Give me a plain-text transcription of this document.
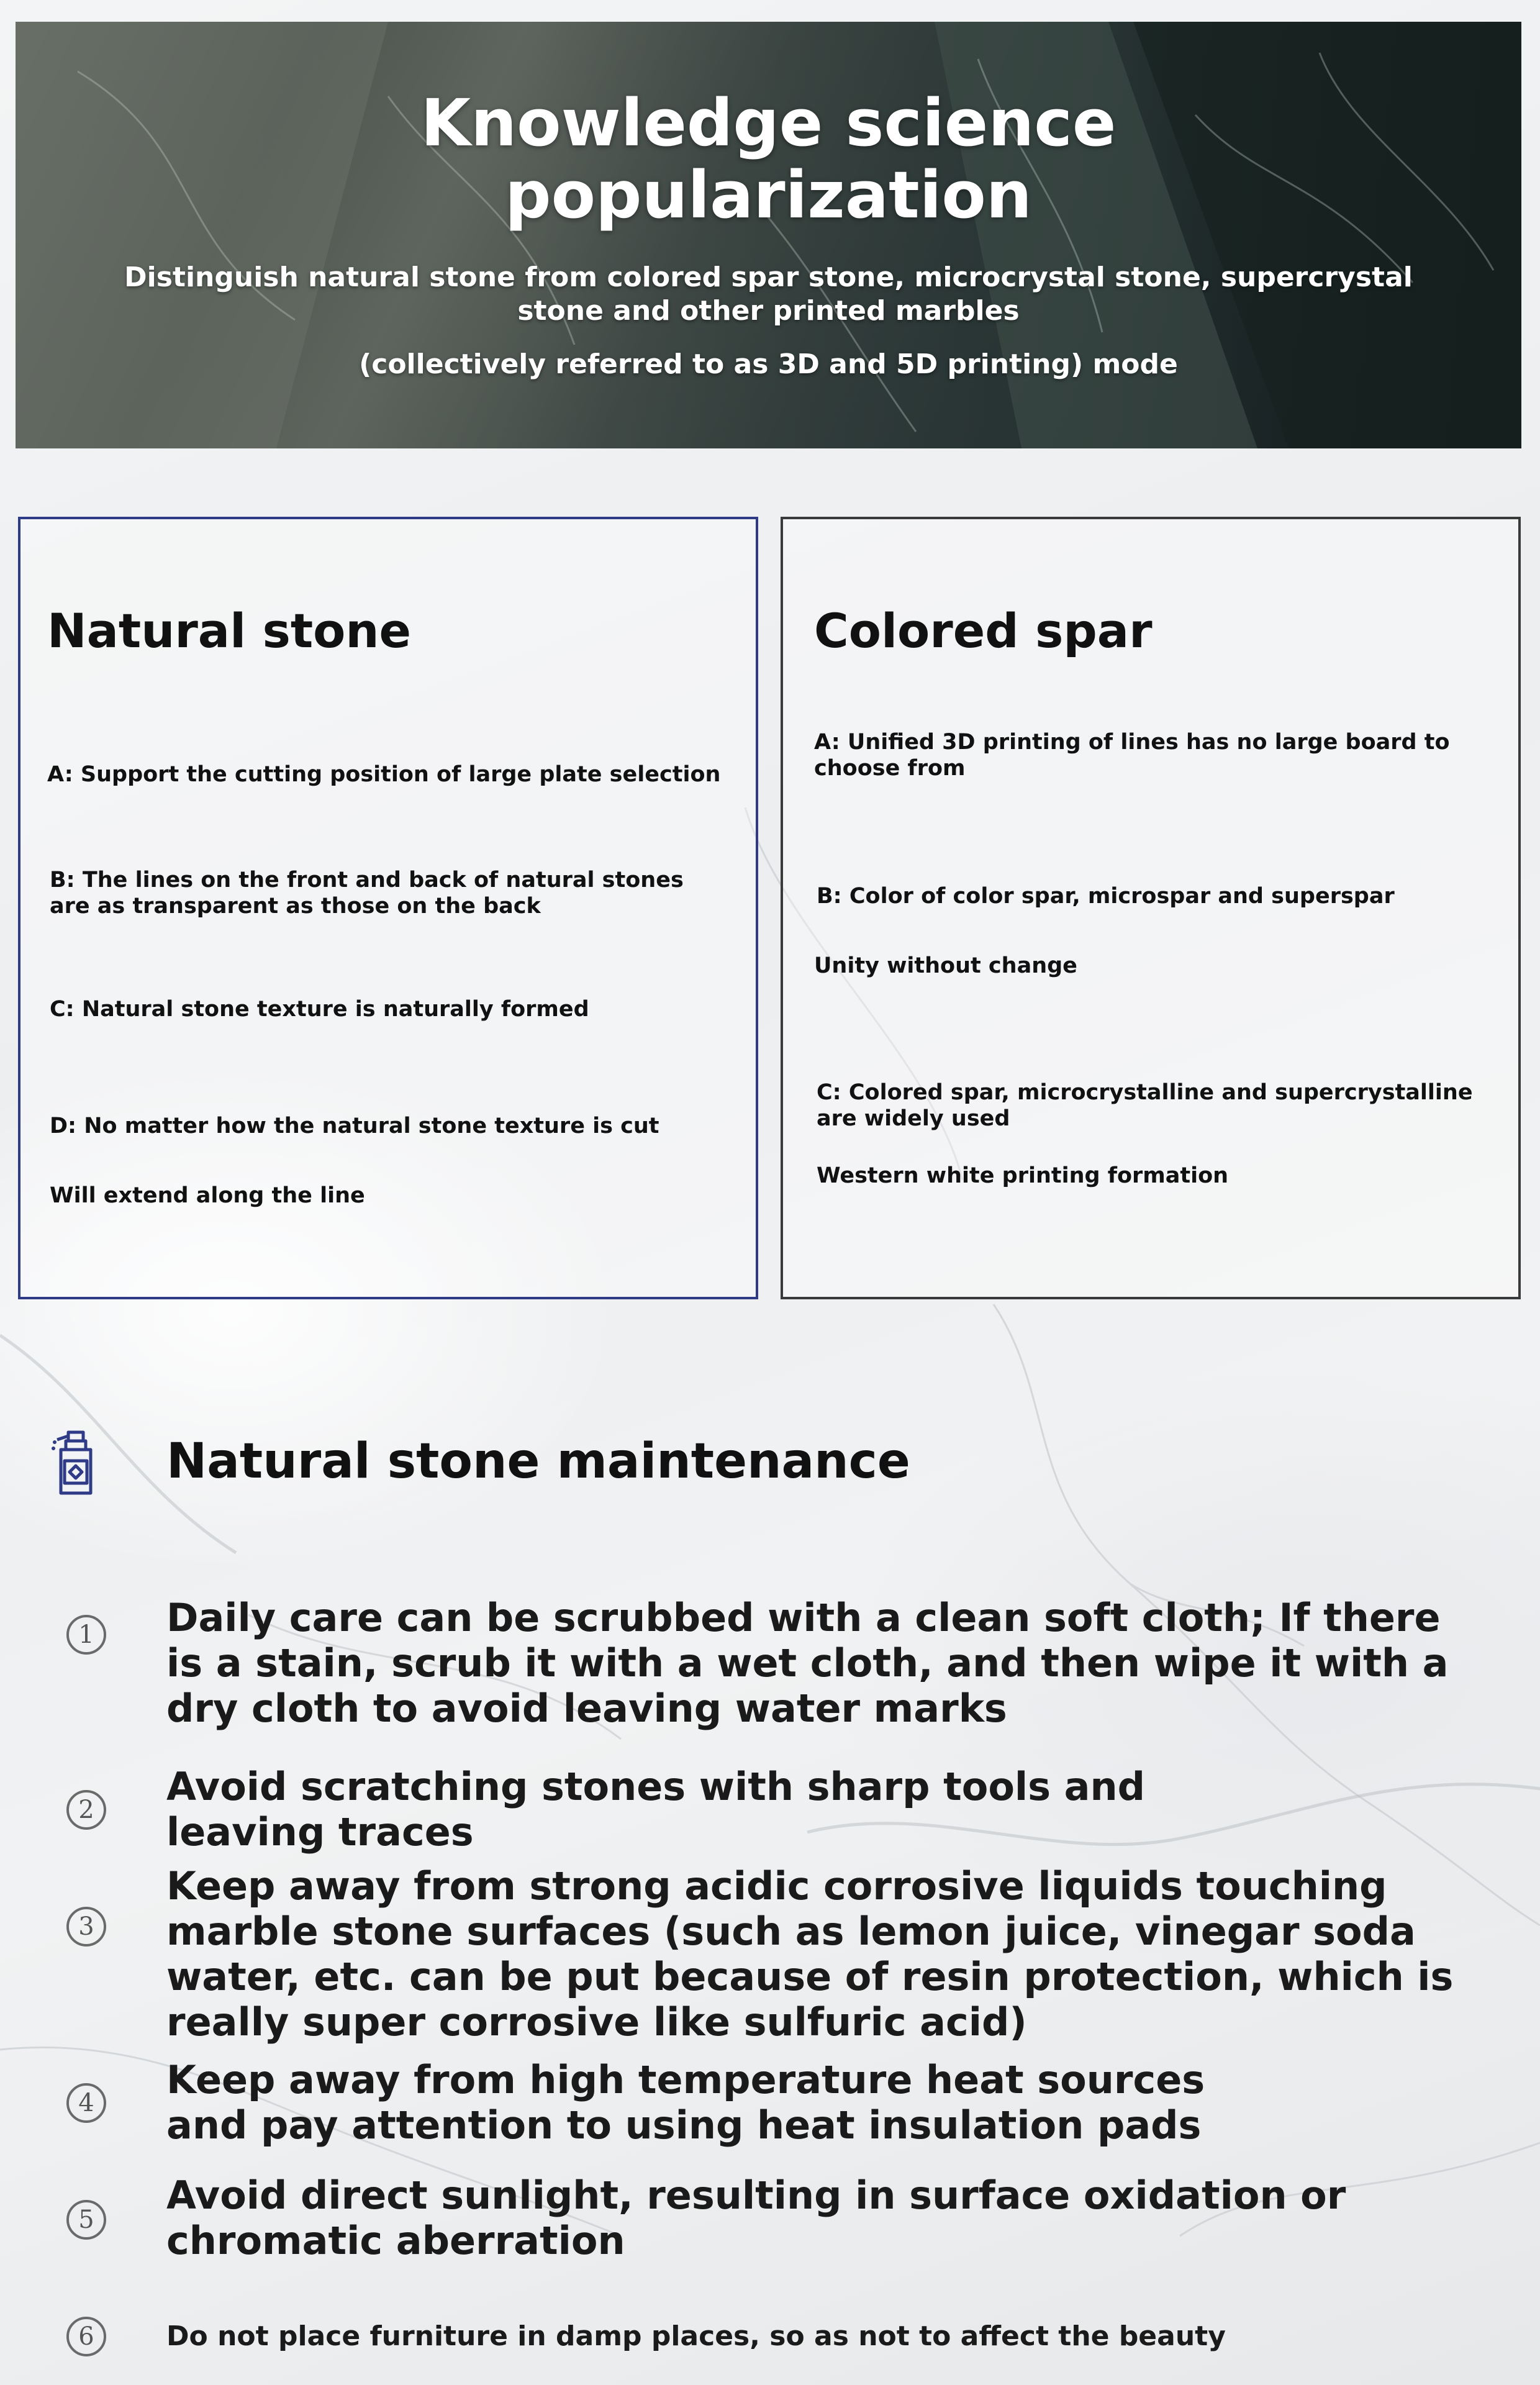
Knowledge science
popularization
Distinguish natural stone from colored spar stone, microcrystal stone, supercrystal stone and other printed marbles
(collectively referred to as 3D and 5D printing) mode
Natural stone
A: Support the cutting position of large plate selection
B: The lines on the front and back of natural stones
are as transparent as those on the back
C: Natural stone texture is naturally formed
D: No matter how the natural stone texture is cut
Will extend along the line
Colored spar
A: Unified 3D printing of lines has no large board to
choose from
B: Color of color spar, microspar and superspar
Unity without change
C: Colored spar, microcrystalline and supercrystalline
are widely used
Western white printing formation
Natural stone maintenance
1	Daily care can be scrubbed with a clean soft cloth; If there
is a stain, scrub it with a wet cloth, and then wipe it with a
dry cloth to avoid leaving water marks
2
Avoid scratching stones with sharp tools and
leaving traces
3
Keep away from strong acidic corrosive liquids touching
marble stone surfaces (such as lemon juice, vinegar soda
water, etc. can be put because of resin protection, which is
really super corrosive like sulfuric acid)
4
Keep away from high temperature heat sources
and pay attention to using heat insulation pads
5
Avoid direct sunlight, resulting in surface oxidation or
chromatic aberration
6	Do not place furniture in damp places, so as not to affect the beauty
